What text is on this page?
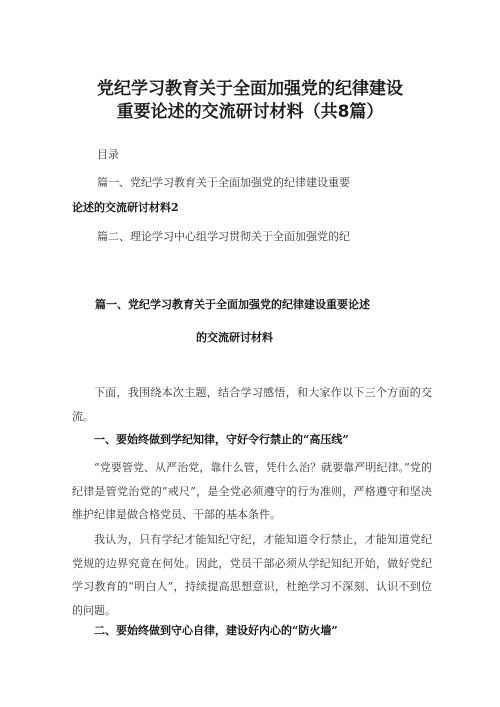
党纪学习教育关于全面加强党的纪律建设
重要论述的交流研讨材料（共8篇）
目录
篇一、党纪学习教育关于全面加强党的纪律建设重要
论述的交流研讨材料2
篇二、理论学习中心组学习贯彻关于全面加强党的纪
篇一、党纪学习教育关于全面加强党的纪律建设重要论述
的交流研讨材料

下面，我围绕本次主题，结合学习感悟，和大家作以下三个方面的交流。

一、要始终做到学纪知律，守好令行禁止的“高压线”

“党要管党、从严治党，靠什么管，凭什么治？就要靠严明纪律。”党的纪律是管党治党的“戒尺”，是全党必须遵守的行为准则，严格遵守和坚决维护纪律是做合格党员、干部的基本条件。

我认为，只有学纪才能知纪守纪，才能知道令行禁止，才能知道党纪党规的边界究竟在何处。因此，党员干部必须从学纪知纪开始，做好党纪学习教育的“明白人”，持续提高思想意识，杜绝学习不深刻、认识不到位的问题。

二、要始终做到守心自律，建设好内心的“防火墙”
